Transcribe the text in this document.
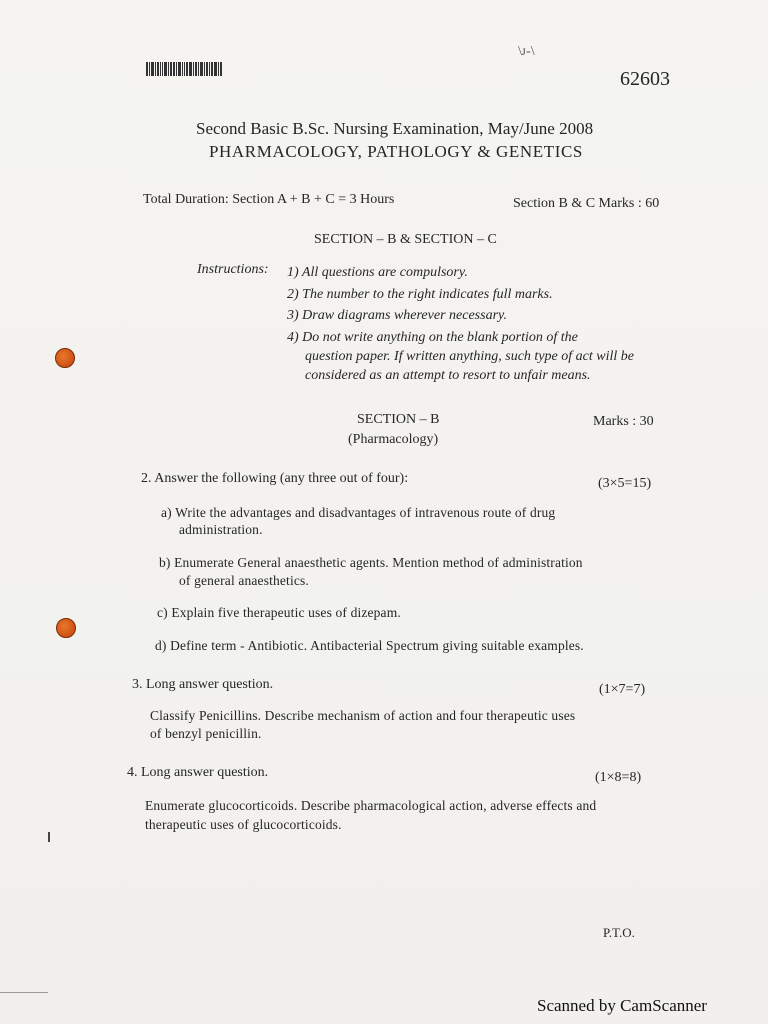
\ᴊ-\
62603
Second Basic B.Sc. Nursing Examination, May/June 2008
PHARMACOLOGY, PATHOLOGY & GENETICS
Total Duration: Section A + B + C = 3 Hours	Section B & C Marks : 60
SECTION – B & SECTION – C
Instructions: 1) All questions are compulsory.
2) The number to the right indicates full marks.
3) Draw diagrams wherever necessary.
4) Do not write anything on the blank portion of the
question paper. If written anything, such type of act will be
considered as an attempt to resort to unfair means.
SECTION – B
(Pharmacology)
Marks : 30
2. Answer the following (any three out of four):	(3×5=15)
a) Write the advantages and disadvantages of intravenous route of drug
administration.
b) Enumerate General anaesthetic agents. Mention method of administration
of general anaesthetics.
c) Explain five therapeutic uses of dizepam.
d) Define term - Antibiotic. Antibacterial Spectrum giving suitable examples.
3. Long answer question.	(1×7=7)
Classify Penicillins. Describe mechanism of action and four therapeutic uses
of benzyl penicillin.
4. Long answer question.	(1×8=8)
Enumerate glucocorticoids. Describe pharmacological action, adverse effects and
therapeutic uses of glucocorticoids.
P.T.O.
Scanned by CamScanner
